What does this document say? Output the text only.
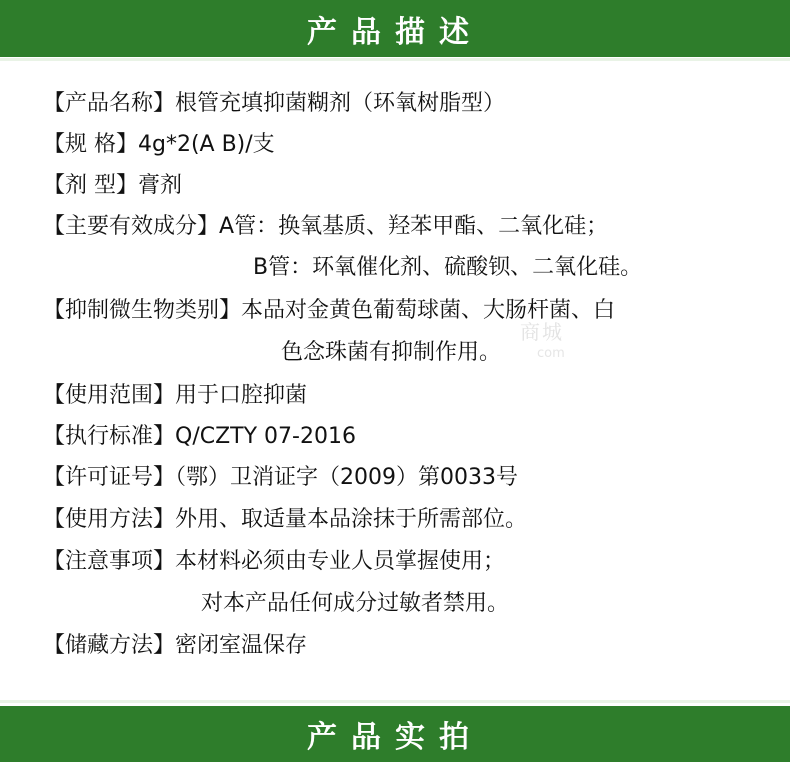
产品描述
【产品名称】根管充填抑菌糊剂（环氧树脂型）
【规 格】4g*2(A B)/支
【剂 型】膏剂
【主要有效成分】A管：换氧基质、羟苯甲酯、二氧化硅；
B管：环氧催化剂、硫酸钡、二氧化硅。
【抑制微生物类别】本品对金黄色葡萄球菌、大肠杆菌、白
色念珠菌有抑制作用。
商城
com
【使用范围】用于口腔抑菌
【执行标准】Q/CZTY 07-2016
【许可证号】（鄂）卫消证字（2009）第0033号
【使用方法】外用、取适量本品涂抹于所需部位。
【注意事项】本材料必须由专业人员掌握使用；
对本产品任何成分过敏者禁用。
【储藏方法】密闭室温保存
产品实拍
